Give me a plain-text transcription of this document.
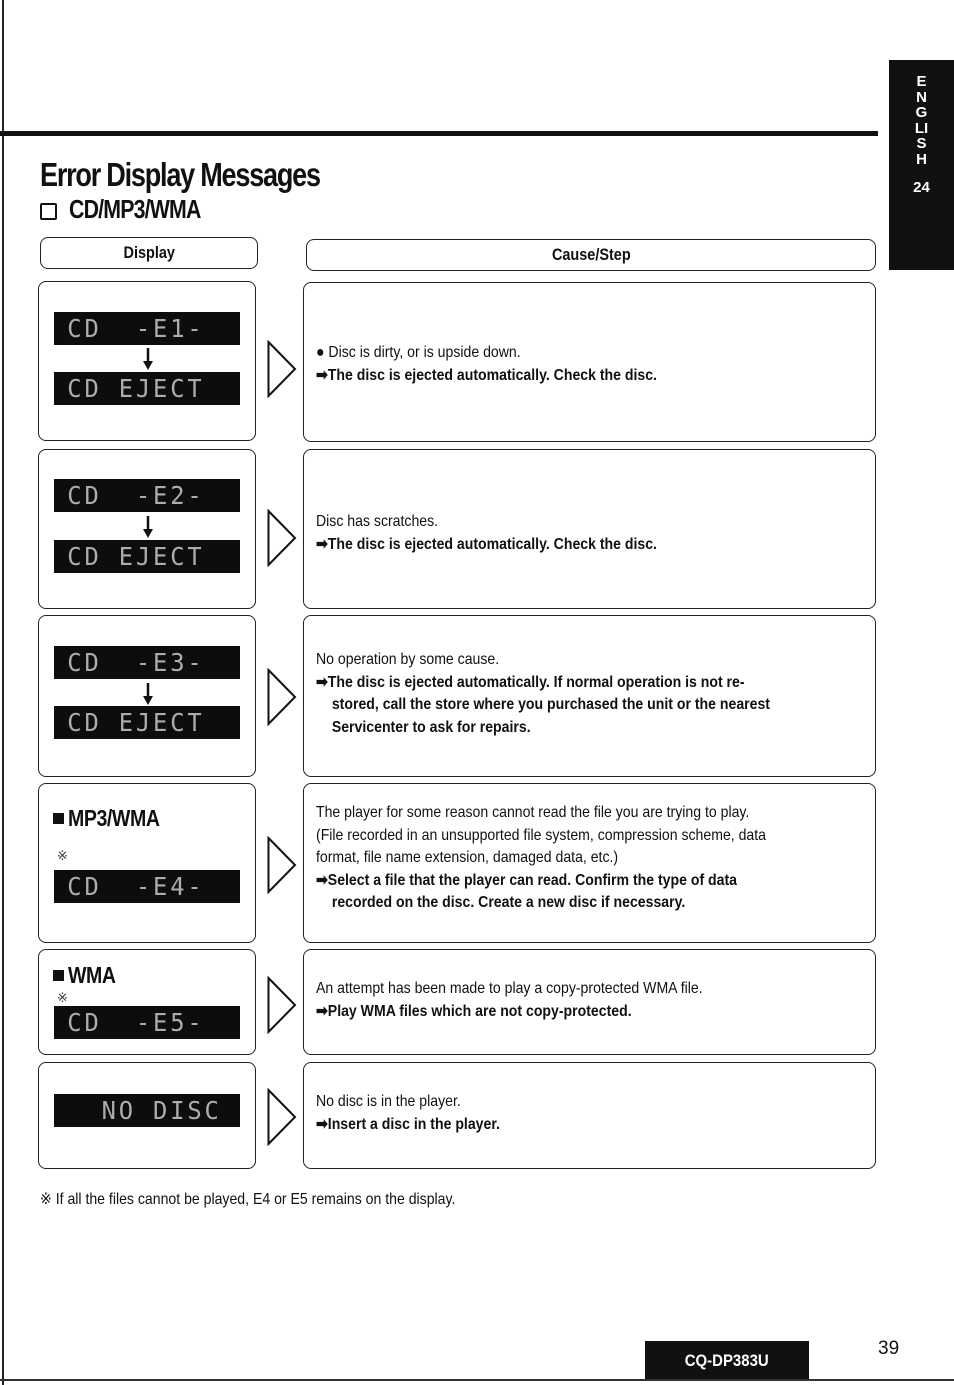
ENGLISH
24
Error Display Messages
CD/MP3/WMA
Display	Cause/Step
CD  -E1-
CD EJECT
● Disc is dirty, or is upside down.
➡The disc is ejected automatically. Check the disc.
CD  -E2-
CD EJECT
Disc has scratches.
➡The disc is ejected automatically. Check the disc.
CD  -E3-
CD EJECT
No operation by some cause.
➡The disc is ejected automatically. If normal operation is not re-
stored, call the store where you purchased the unit or the nearest
Servicenter to ask for repairs.
MP3/WMA
※
CD  -E4-
The player for some reason cannot read the file you are trying to play.
(File recorded in an unsupported file system, compression scheme, data
format, file name extension, damaged data, etc.)
➡Select a file that the player can read. Confirm the type of data
recorded on the disc. Create a new disc if necessary.
WMA
※
CD  -E5-
An attempt has been made to play a copy-protected WMA file.
➡Play WMA files which are not copy-protected.
NO DISC	No disc is in the player.
➡Insert a disc in the player.
※ If all the files cannot be played, E4 or E5 remains on the display.
CQ-DP383U
39
